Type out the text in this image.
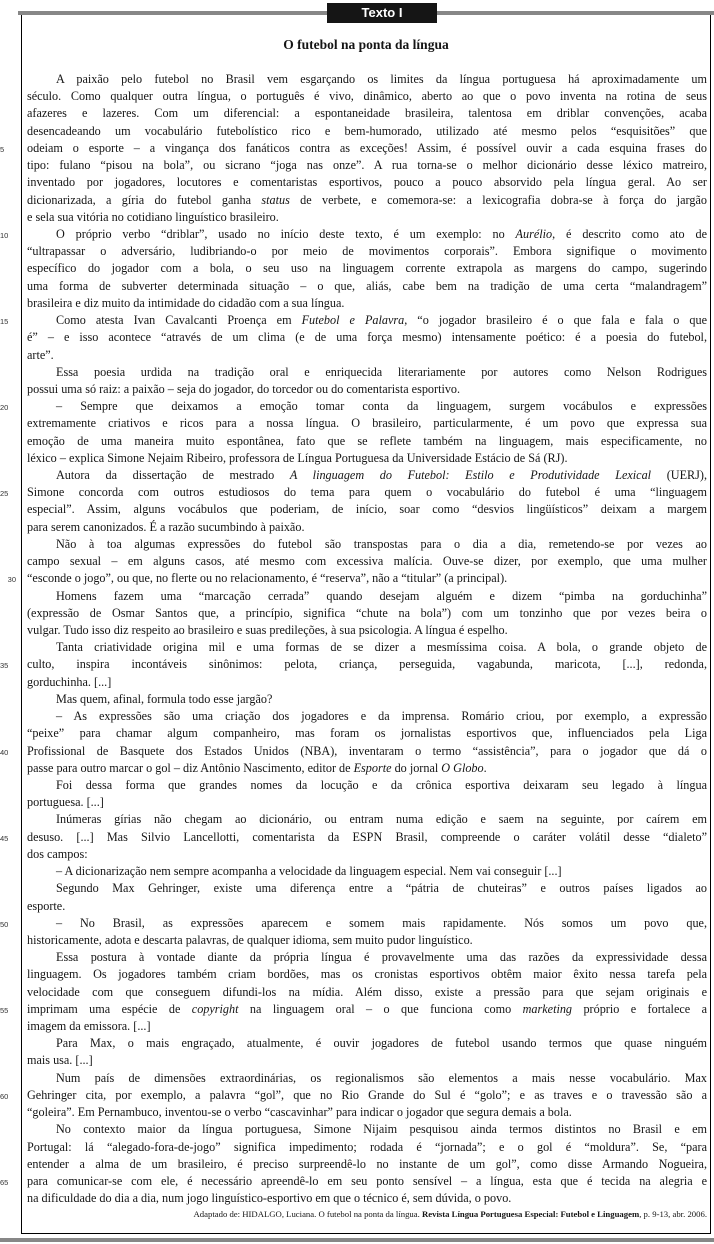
O futebol na ponta da língua
A paixão pelo futebol no Brasil vem esgarçando os limites da língua portuguesa há aproximadamente um
século. Como qualquer outra língua, o português é vivo, dinâmico, aberto ao que o povo inventa na rotina de seus
afazeres e lazeres. Com um diferencial: a espontaneidade brasileira, talentosa em driblar convenções, acaba
desencadeando um vocabulário futebolístico rico e bem-humorado, utilizado até mesmo pelos “esquisitões” que
5	odeiam o esporte – a vingança dos fanáticos contra as exceções! Assim, é possível ouvir a cada esquina frases do
tipo: fulano “pisou na bola”, ou sicrano “joga nas onze”. A rua torna-se o melhor dicionário desse léxico matreiro,
inventado por jogadores, locutores e comentaristas esportivos, pouco a pouco absorvido pela língua geral. Ao ser
dicionarizada, a gíria do futebol ganha status de verbete, e comemora-se: a lexicografia dobra-se à força do jargão
e sela sua vitória no cotidiano linguístico brasileiro.
10	O próprio verbo “driblar”, usado no início deste texto, é um exemplo: no Aurélio, é descrito como ato de
“ultrapassar o adversário, ludibriando-o por meio de movimentos corporais”. Embora signifique o movimento
específico do jogador com a bola, o seu uso na linguagem corrente extrapola as margens do campo, sugerindo
uma forma de subverter determinada situação – o que, aliás, cabe bem na tradição de uma certa “malandragem”
brasileira e diz muito da intimidade do cidadão com a sua língua.
15	Como atesta Ivan Cavalcanti Proença em Futebol e Palavra, “o jogador brasileiro é o que fala e fala o que
é” – e isso acontece “através de um clima (e de uma força mesmo) intensamente poético: é a poesia do futebol,
arte”.
Essa poesia urdida na tradição oral e enriquecida literariamente por autores como Nelson Rodrigues
possui uma só raiz: a paixão – seja do jogador, do torcedor ou do comentarista esportivo.
20	– Sempre que deixamos a emoção tomar conta da linguagem, surgem vocábulos e expressões
extremamente criativos e ricos para a nossa língua. O brasileiro, particularmente, é um povo que expressa sua
emoção de uma maneira muito espontânea, fato que se reflete também na linguagem, mais especificamente, no
léxico – explica Simone Nejaim Ribeiro, professora de Língua Portuguesa da Universidade Estácio de Sá (RJ).
Autora da dissertação de mestrado A linguagem do Futebol: Estilo e Produtividade Lexical (UERJ),
25	Simone concorda com outros estudiosos do tema para quem o vocabulário do futebol é uma “linguagem
especial”. Assim, alguns vocábulos que poderiam, de início, soar como “desvios lingüísticos” deixam a margem
para serem canonizados. É a razão sucumbindo à paixão.
Não à toa algumas expressões do futebol são transpostas para o dia a dia, remetendo-se por vezes ao
campo sexual – em alguns casos, até mesmo com excessiva malícia. Ouve-se dizer, por exemplo, que uma mulher
30 “esconde o jogo”, ou que, no flerte ou no relacionamento, é “reserva”, não a “titular” (a principal).
Homens fazem uma “marcação cerrada” quando desejam alguém e dizem “pimba na gorduchinha”
(expressão de Osmar Santos que, a princípio, significa “chute na bola”) com um tonzinho que por vezes beira o
vulgar. Tudo isso diz respeito ao brasileiro e suas predileções, à sua psicologia. A língua é espelho.
Tanta criatividade origina mil e uma formas de se dizer a mesmíssima coisa. A bola, o grande objeto de
35	culto, inspira incontáveis sinônimos: pelota, criança, perseguida, vagabunda, maricota, [...], redonda,
gorduchinha. [...]
Mas quem, afinal, formula todo esse jargão?
– As expressões são uma criação dos jogadores e da imprensa. Romário criou, por exemplo, a expressão
“peixe” para chamar algum companheiro, mas foram os jornalistas esportivos que, influenciados pela Liga
40	Profissional de Basquete dos Estados Unidos (NBA), inventaram o termo “assistência”, para o jogador que dá o
passe para outro marcar o gol – diz Antônio Nascimento, editor de Esporte do jornal O Globo.
Foi dessa forma que grandes nomes da locução e da crônica esportiva deixaram seu legado à língua
portuguesa. [...]
Inúmeras gírias não chegam ao dicionário, ou entram numa edição e saem na seguinte, por caírem em
45	desuso. [...] Mas Silvio Lancellotti, comentarista da ESPN Brasil, compreende o caráter volátil desse “dialeto”
dos campos:
– A dicionarização nem sempre acompanha a velocidade da linguagem especial. Nem vai conseguir [...]
Segundo Max Gehringer, existe uma diferença entre a “pátria de chuteiras” e outros países ligados ao
esporte.
50	– No Brasil, as expressões aparecem e somem mais rapidamente. Nós somos um povo que,
historicamente, adota e descarta palavras, de qualquer idioma, sem muito pudor linguístico.
Essa postura à vontade diante da própria língua é provavelmente uma das razões da expressividade dessa
linguagem. Os jogadores também criam bordões, mas os cronistas esportivos obtêm maior êxito nessa tarefa pela
velocidade com que conseguem difundi-los na mídia. Além disso, existe a pressão para que sejam originais e
55	imprimam uma espécie de copyright na linguagem oral – o que funciona como marketing próprio e fortalece a
imagem da emissora. [...]
Para Max, o mais engraçado, atualmente, é ouvir jogadores de futebol usando termos que quase ninguém
mais usa. [...]
Num país de dimensões extraordinárias, os regionalismos são elementos a mais nesse vocabulário. Max
60	Gehringer cita, por exemplo, a palavra “gol”, que no Rio Grande do Sul é “golo”; e as traves e o travessão são a
“goleira”. Em Pernambuco, inventou-se o verbo “cascavinhar” para indicar o jogador que segura demais a bola.
No contexto maior da língua portuguesa, Simone Nijaim pesquisou ainda termos distintos no Brasil e em
Portugal: lá “alegado-fora-de-jogo” significa impedimento; rodada é “jornada”; e o gol é “moldura”. Se, “para
entender a alma de um brasileiro, é preciso surpreendê-lo no instante de um gol”, como disse Armando Nogueira,
65	para comunicar-se com ele, é necessário apreendê-lo em seu ponto sensível – a língua, esta que é tecida na alegria e
na dificuldade do dia a dia, num jogo linguístico-esportivo em que o técnico é, sem dúvida, o povo.
Adaptado de: HIDALGO, Luciana. O futebol na ponta da língua. Revista Língua Portuguesa Especial: Futebol e Linguagem, p. 9-13, abr. 2006.
Texto I
